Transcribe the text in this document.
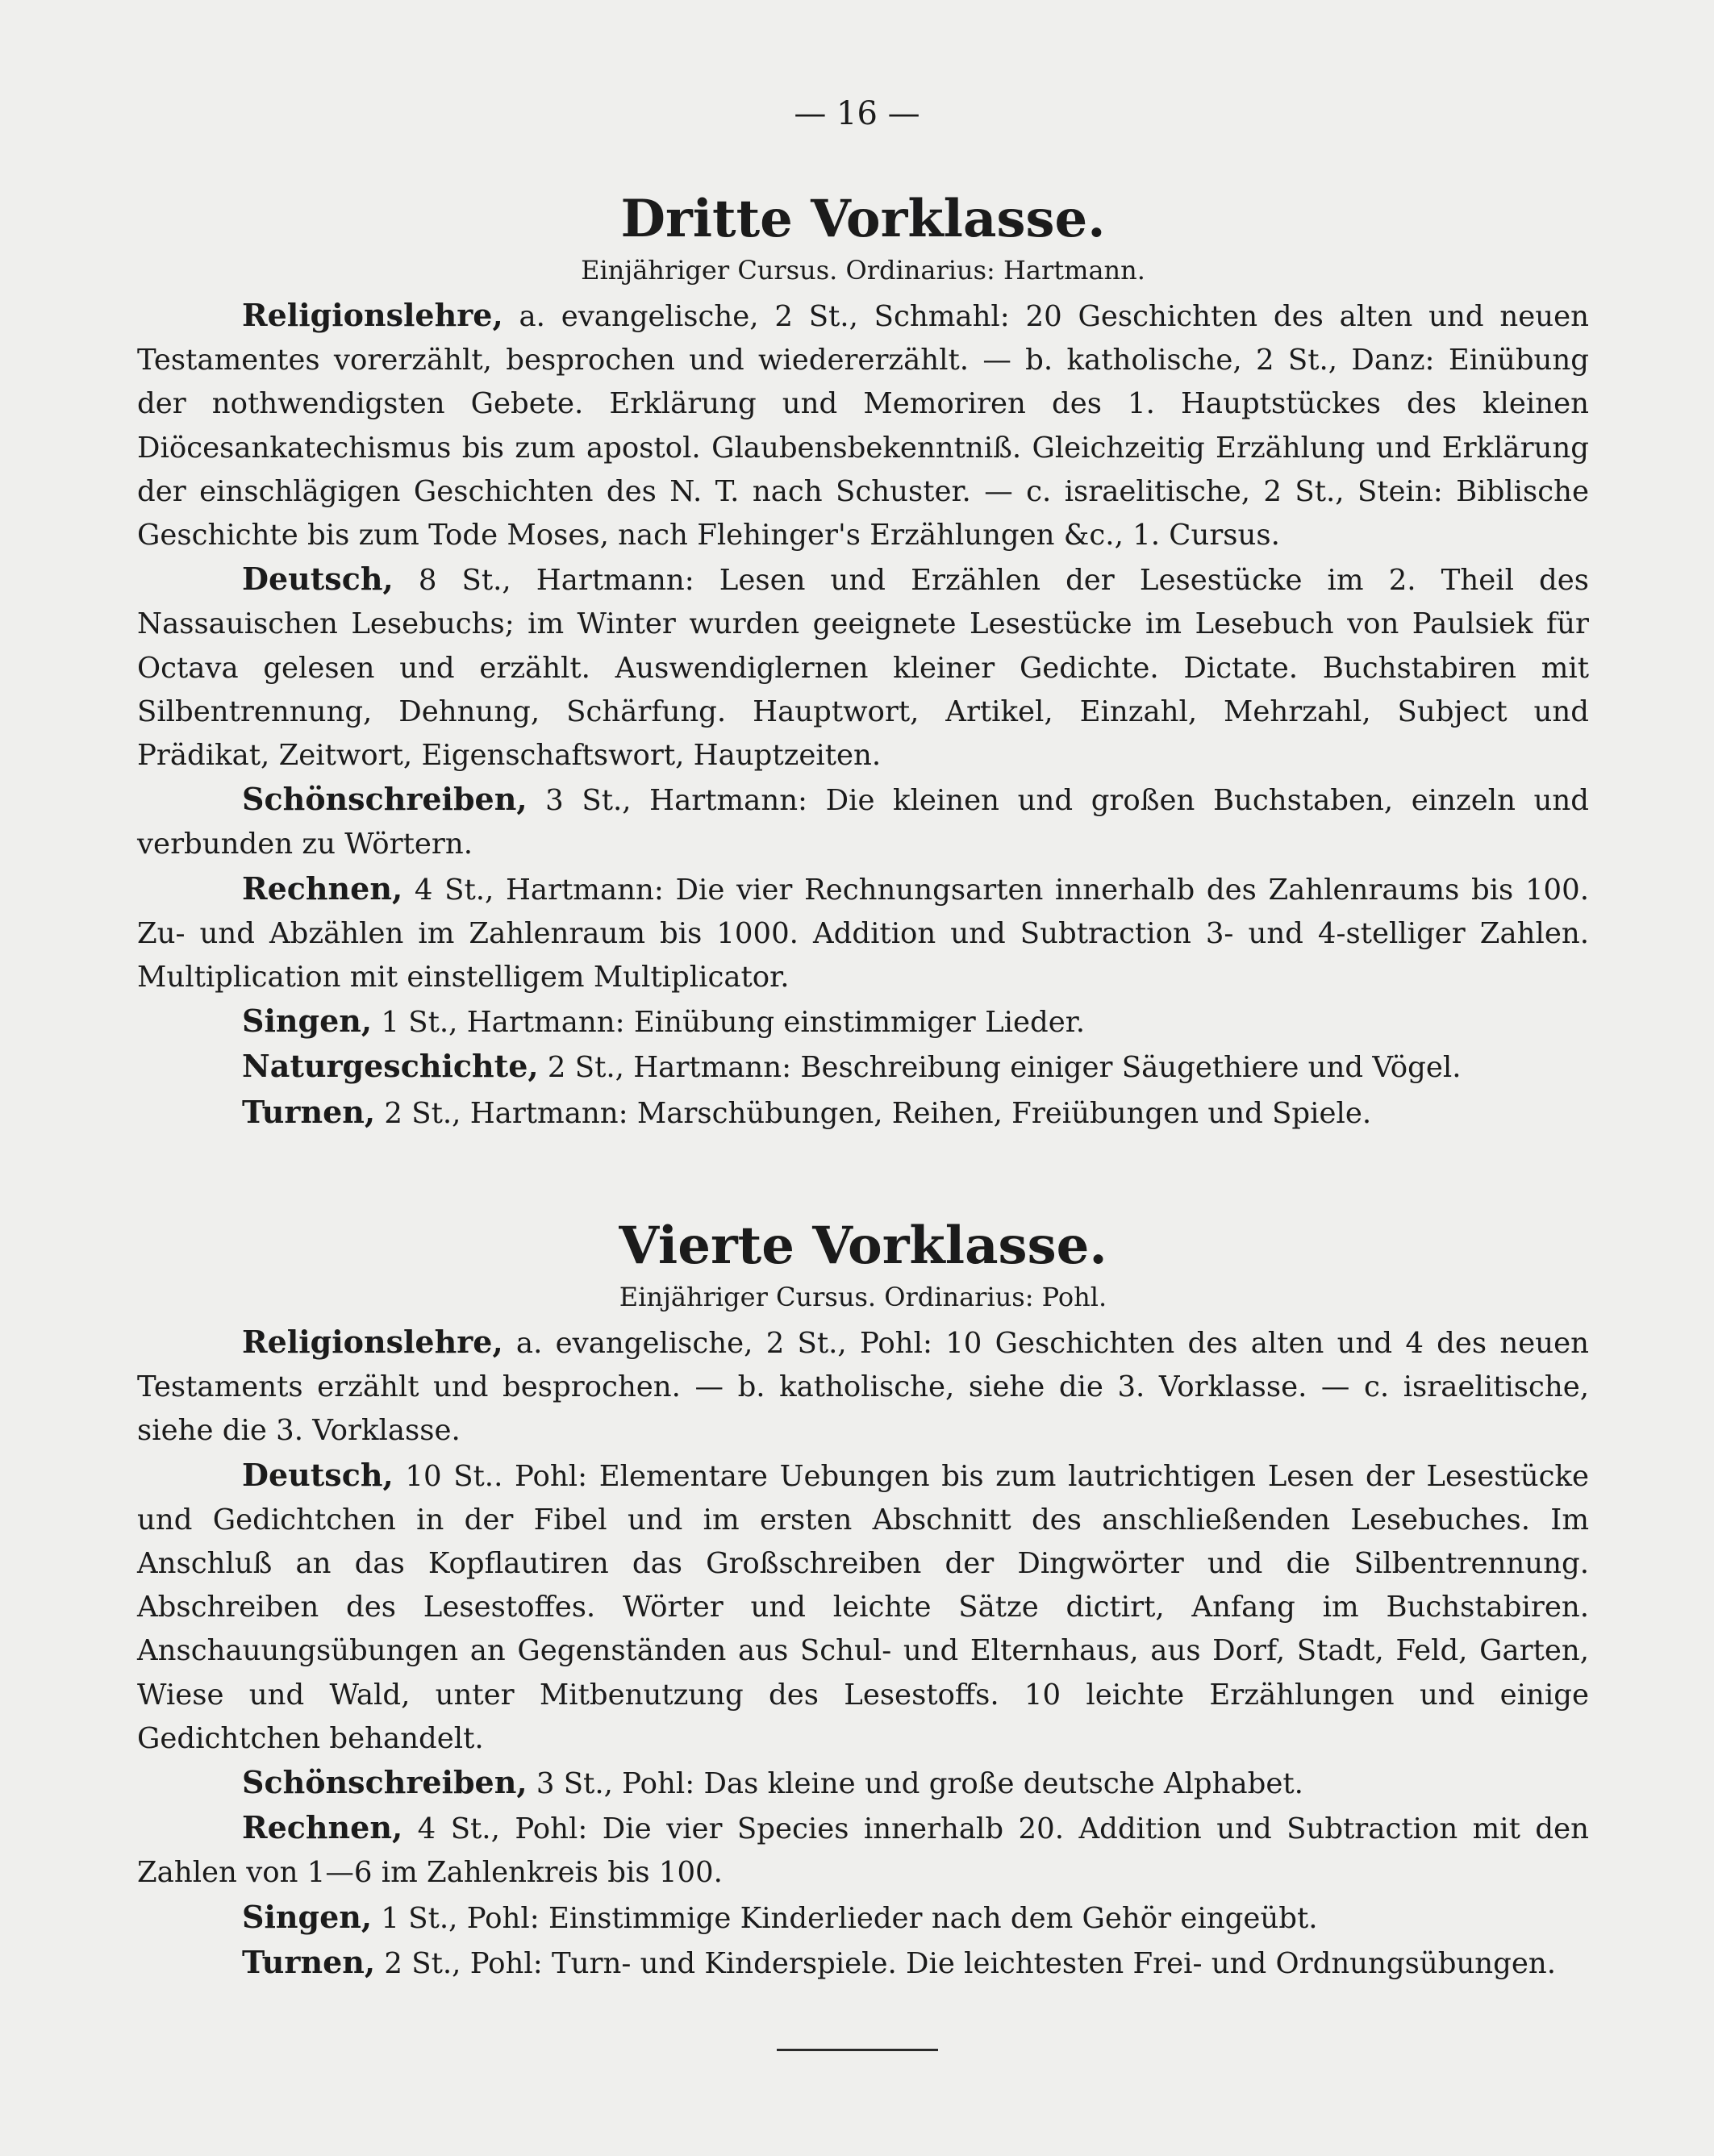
— 16 —
Dritte Vorklasse.

Einjähriger Cursus. Ordinarius: Hartmann.

Religionslehre, a. evangelische, 2 St., Schmahl: 20 Geschichten des alten und neuen Testamentes vorerzählt, besprochen und wiedererzählt. — b. katholische, 2 St., Danz: Einübung der nothwendigsten Gebete. Erklärung und Memoriren des 1. Hauptstückes des kleinen Diöcesankatechismus bis zum apostol. Glaubensbekenntniß. Gleichzeitig Erzählung und Erklärung der einschlägigen Geschichten des N. T. nach Schuster. — c. israelitische, 2 St., Stein: Biblische Geschichte bis zum Tode Moses, nach Flehinger's Erzählungen &c., 1. Cursus.

Deutsch, 8 St., Hartmann: Lesen und Erzählen der Lesestücke im 2. Theil des Nassauischen Lesebuchs; im Winter wurden geeignete Lesestücke im Lesebuch von Paulsiek für Octava gelesen und erzählt. Auswendiglernen kleiner Gedichte. Dictate. Buchstabiren mit Silbentrennung, Dehnung, Schärfung. Hauptwort, Artikel, Einzahl, Mehrzahl, Subject und Prädikat, Zeitwort, Eigenschaftswort, Hauptzeiten.

Schönschreiben, 3 St., Hartmann: Die kleinen und großen Buchstaben, einzeln und verbunden zu Wörtern.

Rechnen, 4 St., Hartmann: Die vier Rechnungsarten innerhalb des Zahlenraums bis 100. Zu- und Abzählen im Zahlenraum bis 1000. Addition und Subtraction 3- und 4-stelliger Zahlen. Multiplication mit einstelligem Multiplicator.

Singen, 1 St., Hartmann: Einübung einstimmiger Lieder.

Naturgeschichte, 2 St., Hartmann: Beschreibung einiger Säugethiere und Vögel.

Turnen, 2 St., Hartmann: Marschübungen, Reihen, Freiübungen und Spiele.

Vierte Vorklasse.

Einjähriger Cursus. Ordinarius: Pohl.

Religionslehre, a. evangelische, 2 St., Pohl: 10 Geschichten des alten und 4 des neuen Testaments erzählt und besprochen. — b. katholische, siehe die 3. Vorklasse. — c. israelitische, siehe die 3. Vorklasse.

Deutsch, 10 St.. Pohl: Elementare Uebungen bis zum lautrichtigen Lesen der Lesestücke und Gedichtchen in der Fibel und im ersten Abschnitt des anschließenden Lesebuches. Im Anschluß an das Kopflautiren das Großschreiben der Dingwörter und die Silbentrennung. Abschreiben des Lesestoffes. Wörter und leichte Sätze dictirt, Anfang im Buchstabiren. Anschauungsübungen an Gegenständen aus Schul- und Elternhaus, aus Dorf, Stadt, Feld, Garten, Wiese und Wald, unter Mitbenutzung des Lesestoffs. 10 leichte Erzählungen und einige Gedichtchen behandelt.

Schönschreiben, 3 St., Pohl: Das kleine und große deutsche Alphabet.

Rechnen, 4 St., Pohl: Die vier Species innerhalb 20. Addition und Subtraction mit den Zahlen von 1—6 im Zahlenkreis bis 100.

Singen, 1 St., Pohl: Einstimmige Kinderlieder nach dem Gehör eingeübt.

Turnen, 2 St., Pohl: Turn- und Kinderspiele. Die leichtesten Frei- und Ordnungsübungen.
